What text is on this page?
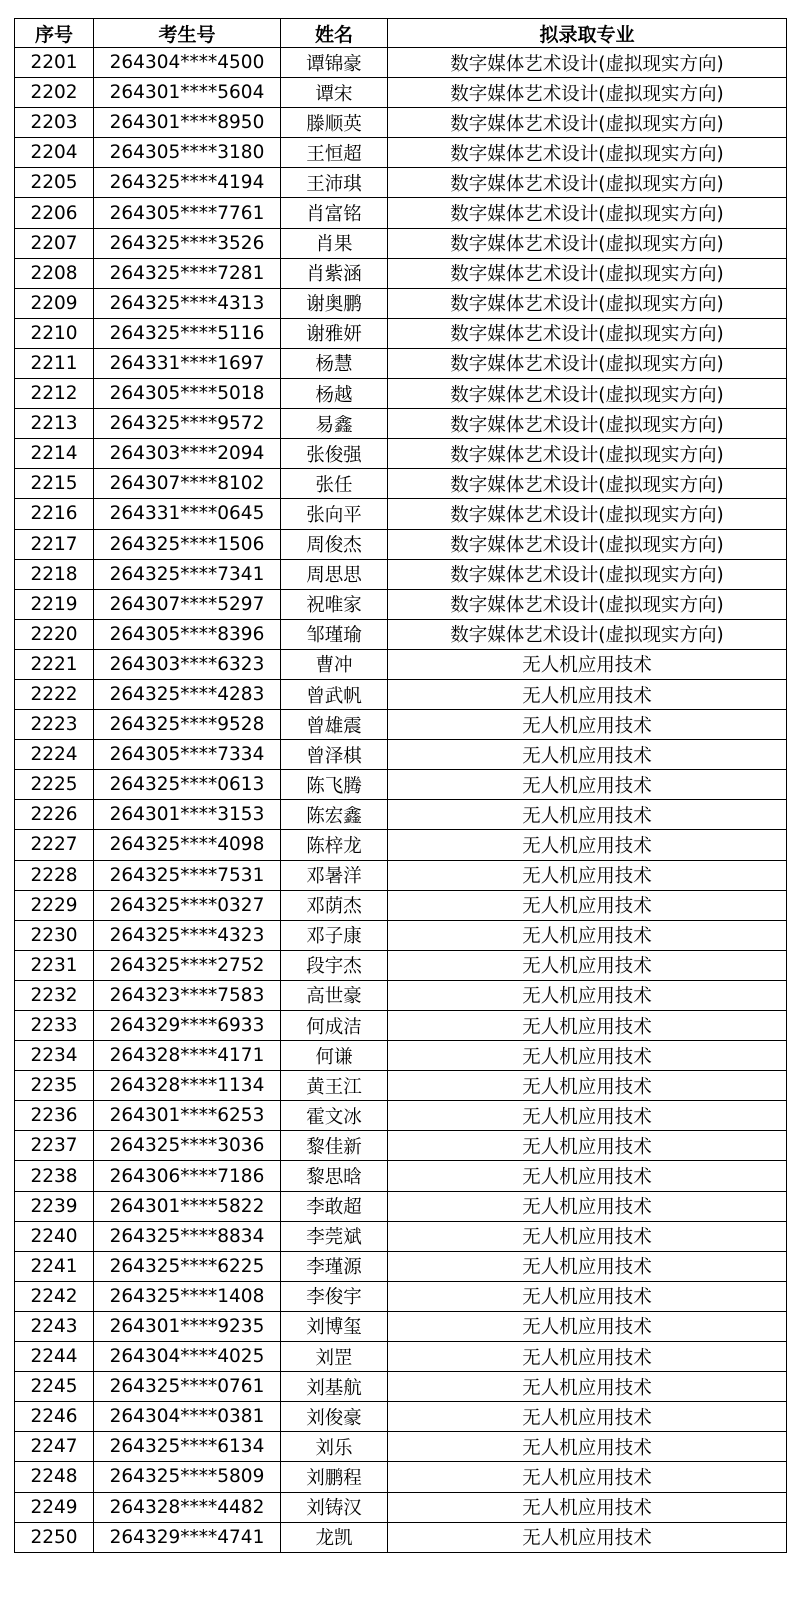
序号	考生号	姓名	拟录取专业
2201	264304****4500	谭锦豪	数字媒体艺术设计(虚拟现实方向)
2202	264301****5604	谭宋	数字媒体艺术设计(虚拟现实方向)
2203	264301****8950	滕顺英	数字媒体艺术设计(虚拟现实方向)
2204	264305****3180	王恒超	数字媒体艺术设计(虚拟现实方向)
2205	264325****4194	王沛琪	数字媒体艺术设计(虚拟现实方向)
2206	264305****7761	肖富铭	数字媒体艺术设计(虚拟现实方向)
2207	264325****3526	肖果	数字媒体艺术设计(虚拟现实方向)
2208	264325****7281	肖紫涵	数字媒体艺术设计(虚拟现实方向)
2209	264325****4313	谢奥鹏	数字媒体艺术设计(虚拟现实方向)
2210	264325****5116	谢雅妍	数字媒体艺术设计(虚拟现实方向)
2211	264331****1697	杨慧	数字媒体艺术设计(虚拟现实方向)
2212	264305****5018	杨越	数字媒体艺术设计(虚拟现实方向)
2213	264325****9572	易鑫	数字媒体艺术设计(虚拟现实方向)
2214	264303****2094	张俊强	数字媒体艺术设计(虚拟现实方向)
2215	264307****8102	张任	数字媒体艺术设计(虚拟现实方向)
2216	264331****0645	张向平	数字媒体艺术设计(虚拟现实方向)
2217	264325****1506	周俊杰	数字媒体艺术设计(虚拟现实方向)
2218	264325****7341	周思思	数字媒体艺术设计(虚拟现实方向)
2219	264307****5297	祝唯家	数字媒体艺术设计(虚拟现实方向)
2220	264305****8396	邹瑾瑜	数字媒体艺术设计(虚拟现实方向)
2221	264303****6323	曹冲	无人机应用技术
2222	264325****4283	曾武帆	无人机应用技术
2223	264325****9528	曾雄震	无人机应用技术
2224	264305****7334	曾泽棋	无人机应用技术
2225	264325****0613	陈飞腾	无人机应用技术
2226	264301****3153	陈宏鑫	无人机应用技术
2227	264325****4098	陈梓龙	无人机应用技术
2228	264325****7531	邓暑洋	无人机应用技术
2229	264325****0327	邓荫杰	无人机应用技术
2230	264325****4323	邓子康	无人机应用技术
2231	264325****2752	段宇杰	无人机应用技术
2232	264323****7583	高世豪	无人机应用技术
2233	264329****6933	何成洁	无人机应用技术
2234	264328****4171	何谦	无人机应用技术
2235	264328****1134	黄王江	无人机应用技术
2236	264301****6253	霍文冰	无人机应用技术
2237	264325****3036	黎佳新	无人机应用技术
2238	264306****7186	黎思晗	无人机应用技术
2239	264301****5822	李敢超	无人机应用技术
2240	264325****8834	李莞斌	无人机应用技术
2241	264325****6225	李瑾源	无人机应用技术
2242	264325****1408	李俊宇	无人机应用技术
2243	264301****9235	刘博玺	无人机应用技术
2244	264304****4025	刘罡	无人机应用技术
2245	264325****0761	刘基航	无人机应用技术
2246	264304****0381	刘俊豪	无人机应用技术
2247	264325****6134	刘乐	无人机应用技术
2248	264325****5809	刘鹏程	无人机应用技术
2249	264328****4482	刘铸汉	无人机应用技术
2250	264329****4741	龙凯	无人机应用技术
